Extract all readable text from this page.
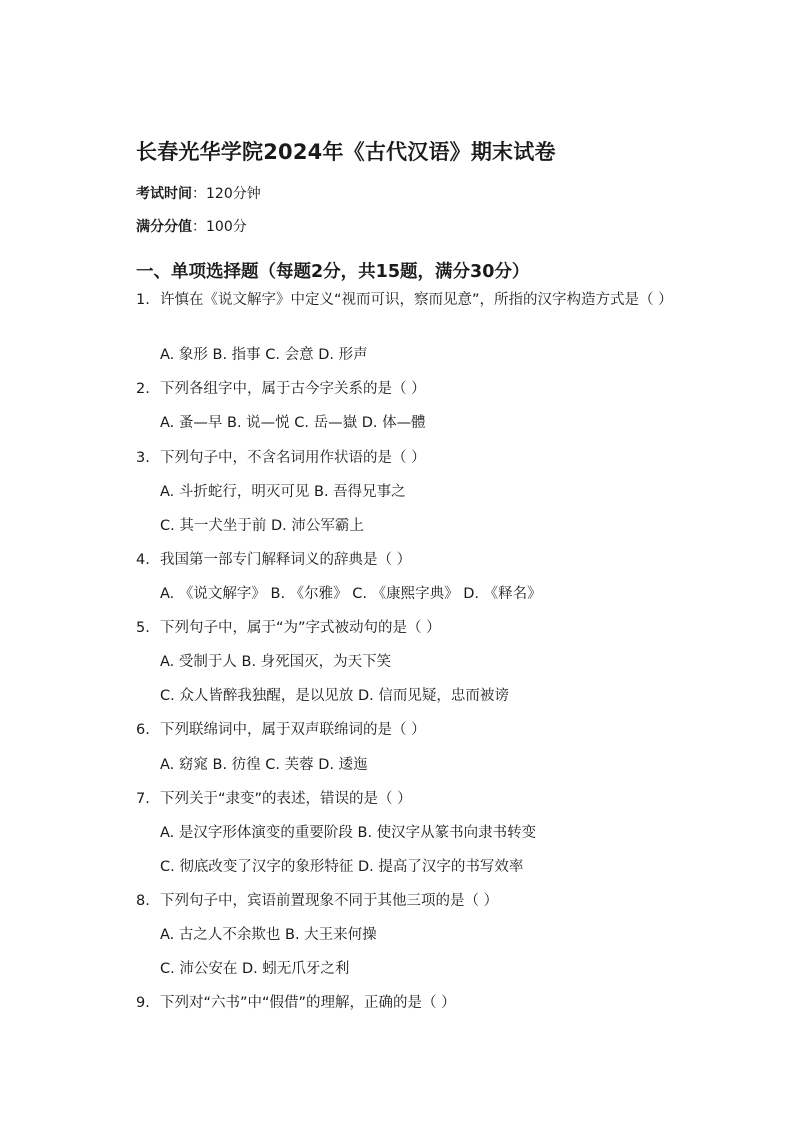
长春光华学院2024年《古代汉语》期末试卷
考试时间：120分钟
满分分值：100分
一、单项选择题（每题2分，共15题，满分30分）
1. 许慎在《说文解字》中定义“视而可识，察而见意”，所指的汉字构造方式是（ ）
A. 象形 B. 指事 C. 会意 D. 形声
2. 下列各组字中，属于古今字关系的是（ ）
A. 蚤—早 B. 说—悦 C. 岳—嶽 D. 体—體
3. 下列句子中，不含名词用作状语的是（ ）
A. 斗折蛇行，明灭可见 B. 吾得兄事之
C. 其一犬坐于前 D. 沛公军霸上
4. 我国第一部专门解释词义的辞典是（ ）
A. 《说文解字》 B. 《尔雅》 C. 《康熙字典》 D. 《释名》
5. 下列句子中，属于“为”字式被动句的是（ ）
A. 受制于人 B. 身死国灭，为天下笑
C. 众人皆醉我独醒，是以见放 D. 信而见疑，忠而被谤
6. 下列联绵词中，属于双声联绵词的是（ ）
A. 窈窕 B. 彷徨 C. 芙蓉 D. 逶迤
7. 下列关于“隶变”的表述，错误的是（ ）
A. 是汉字形体演变的重要阶段 B. 使汉字从篆书向隶书转变
C. 彻底改变了汉字的象形特征 D. 提高了汉字的书写效率
8. 下列句子中，宾语前置现象不同于其他三项的是（ ）
A. 古之人不余欺也 B. 大王来何操
C. 沛公安在 D. 蚓无爪牙之利
9. 下列对“六书”中“假借”的理解，正确的是（ ）
